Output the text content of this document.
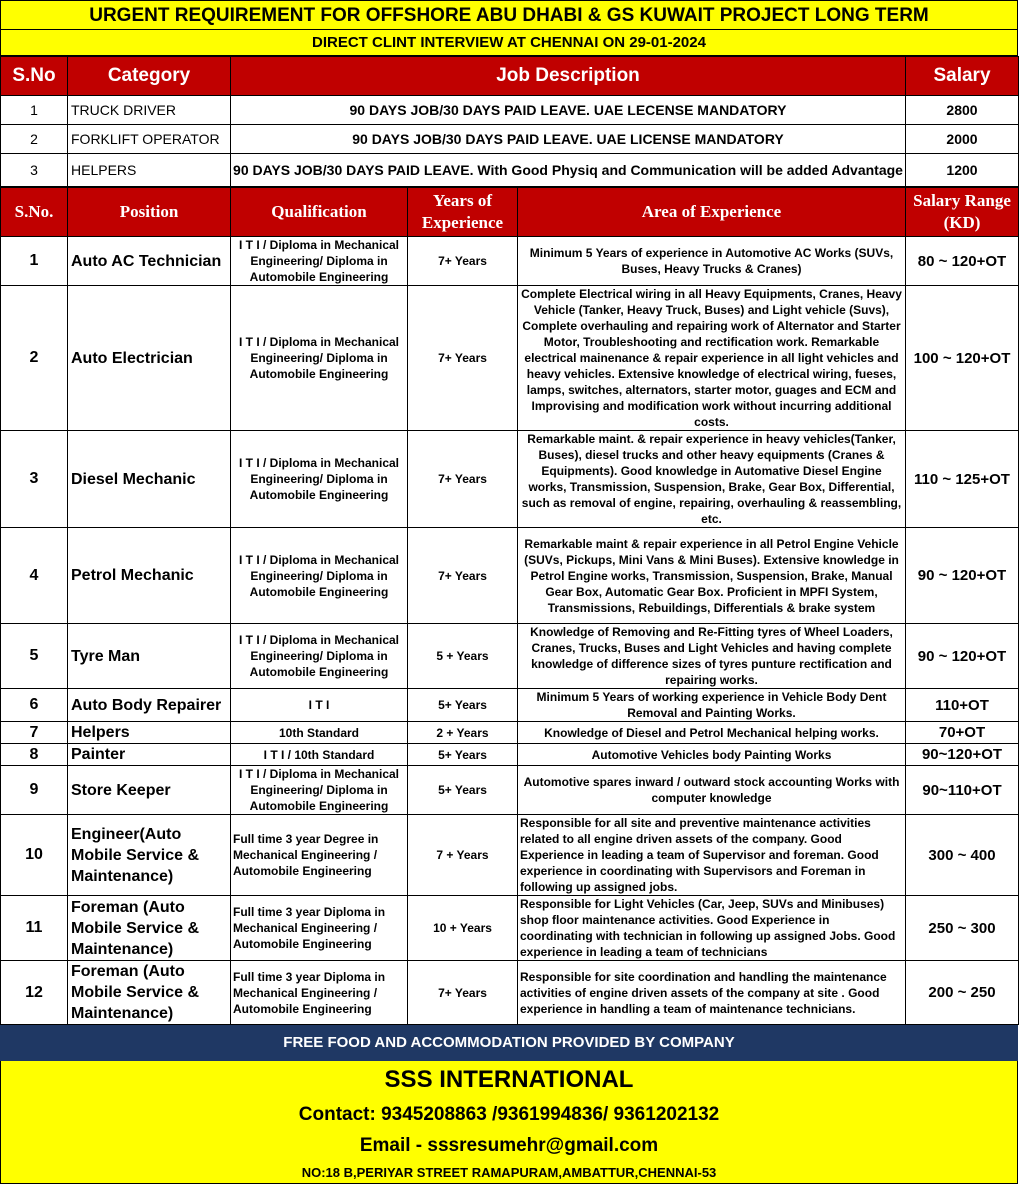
URGENT REQUIREMENT FOR OFFSHORE ABU DHABI & GS KUWAIT PROJECT LONG TERM
DIRECT CLINT INTERVIEW AT CHENNAI ON 29-01-2024
S.No	Category	Job Description	Salary
1	TRUCK DRIVER	90 DAYS JOB/30 DAYS PAID LEAVE. UAE LECENSE MANDATORY	2800
2	FORKLIFT OPERATOR	90 DAYS JOB/30 DAYS PAID LEAVE. UAE LICENSE MANDATORY	2000
3	HELPERS	90 DAYS JOB/30 DAYS PAID LEAVE. With Good Physiq and Communication will be added Advantage	1200
S.No.	Position	Qualification	Years of Experience	Area of Experience	Salary Range (KD)
1	Auto AC Technician	I T I / Diploma in Mechanical Engineering/ Diploma in Automobile Engineering	7+ Years	Minimum 5 Years of experience in Automotive AC Works (SUVs, Buses, Heavy Trucks & Cranes)	80 ~ 120+OT
2	Auto Electrician	I T I / Diploma in Mechanical Engineering/ Diploma in Automobile Engineering	7+ Years	Complete Electrical wiring in all Heavy Equipments, Cranes, Heavy Vehicle (Tanker, Heavy Truck, Buses) and Light vehicle (Suvs), Complete overhauling and repairing work of Alternator and Starter Motor, Troubleshooting and rectification work. Remarkable electrical mainenance & repair experience in all light vehicles and heavy vehicles. Extensive knowledge of electrical wiring, fueses, lamps, switches, alternators, starter motor, guages and ECM and Improvising and modification work without incurring additional costs.	100 ~ 120+OT
3	Diesel Mechanic	I T I / Diploma in Mechanical Engineering/ Diploma in Automobile Engineering	7+ Years	Remarkable maint. & repair experience in heavy vehicles(Tanker, Buses), diesel trucks and other heavy equipments (Cranes & Equipments). Good knowledge in Automative Diesel Engine works, Transmission, Suspension, Brake, Gear Box, Differential, such as removal of engine, repairing, overhauling & reassembling, etc.	110 ~ 125+OT
4	Petrol Mechanic	I T I / Diploma in Mechanical Engineering/ Diploma in Automobile Engineering	7+ Years	Remarkable maint & repair experience in all Petrol Engine Vehicle (SUVs, Pickups, Mini Vans & Mini Buses). Extensive knowledge in Petrol Engine works, Transmission, Suspension, Brake, Manual Gear Box, Automatic Gear Box. Proficient in MPFI System, Transmissions, Rebuildings, Differentials & brake system	90 ~ 120+OT
5	Tyre Man	I T I / Diploma in Mechanical Engineering/ Diploma in Automobile Engineering	5 + Years	Knowledge of Removing and Re-Fitting tyres of Wheel Loaders, Cranes, Trucks, Buses and Light Vehicles and having complete knowledge of difference sizes of tyres punture rectification and repairing works.	90 ~ 120+OT
6	Auto Body Repairer	I T I	5+ Years	Minimum 5 Years of working experience in Vehicle Body Dent Removal and Painting Works.	110+OT
7	Helpers	10th Standard	2 + Years	Knowledge of Diesel and Petrol Mechanical helping works.	70+OT
8	Painter	I T I / 10th Standard	5+ Years	Automotive Vehicles body Painting Works	90~120+OT
9	Store Keeper	I T I / Diploma in Mechanical Engineering/ Diploma in Automobile Engineering	5+ Years	Automotive spares inward / outward stock accounting Works with computer knowledge	90~110+OT
10	Engineer(Auto Mobile Service & Maintenance)	Full time 3 year Degree in Mechanical Engineering / Automobile Engineering	7 + Years	Responsible for all site and preventive maintenance activities related to all engine driven assets of the company. Good Experience in leading a team of Supervisor and foreman. Good experience in coordinating with Supervisors and Foreman in following up assigned jobs.	300 ~ 400
11	Foreman (Auto Mobile Service & Maintenance)	Full time 3 year Diploma in Mechanical Engineering / Automobile Engineering	10 + Years	Responsible for Light Vehicles (Car, Jeep, SUVs and Minibuses) shop floor maintenance activities. Good Experience in coordinating with technician in following up assigned Jobs. Good experience in leading a team of technicians	250 ~ 300
12	Foreman (Auto Mobile Service & Maintenance)	Full time 3 year Diploma in Mechanical Engineering / Automobile Engineering	7+ Years	Responsible for site coordination and handling the maintenance activities of engine driven assets of the company at site . Good experience in handling a team of maintenance technicians.	200 ~ 250
FREE FOOD AND ACCOMMODATION PROVIDED BY COMPANY
SSS INTERNATIONAL
Contact: 9345208863 /9361994836/ 9361202132
Email - sssresumehr@gmail.com
NO:18 B,PERIYAR STREET RAMAPURAM,AMBATTUR,CHENNAI-53
